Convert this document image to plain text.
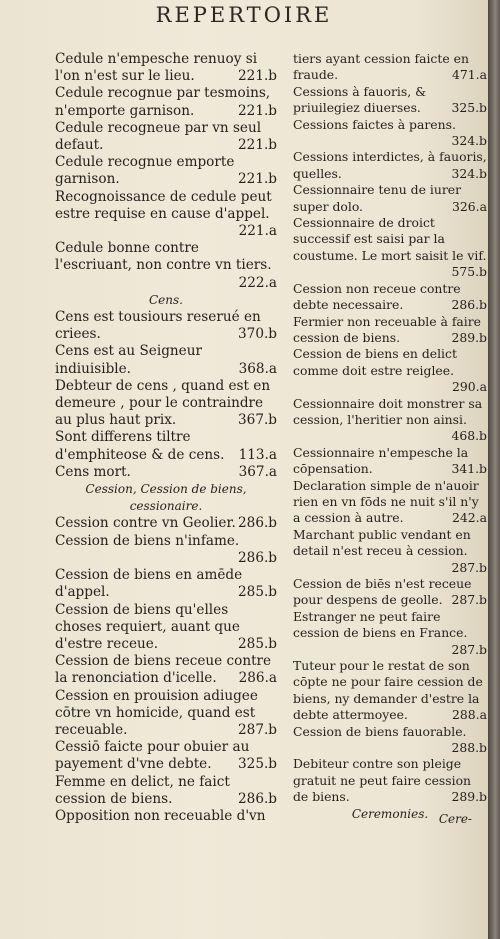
REPERTOIRE
Cedule n'empesche renuoy si l'on n'est sur le lieu.	221.b
Cedule recognue par tesmoins, n'emporte garnison.	221.b
Cedule recogneue par vn seul defaut.	221.b
Cedule recognue emporte garnison.	221.b
Recognoissance de cedule peut estre requise en cause d'appel.
221.a
Cedule bonne contre l'escriuant, non contre vn tiers.
222.a
Cens.
Cens est tousiours reserué en criees.	370.b
Cens est au Seigneur indiuisible.	368.a
Debteur de cens , quand est en demeure , pour le contraindre au plus haut prix.	367.b
Sont differens tiltre d'emphiteose & de cens. 113.a
Cens mort.	367.a
Cession, Cession de biens, cessionaire.
Cession contre vn Geolier. 286.b
Cession de biens n'infame.
286.b
Cession de biens en amēde d'appel.	285.b
Cession de biens qu'elles choses requiert, auant que d'estre receue.	285.b
Cession de biens receue contre la renonciation d'icelle. 286.a
Cession en prouision adiugee cōtre vn homicide, quand est receuable.	287.b
Cessiō faicte pour obuier au payement d'vne debte. 325.b
Femme en delict, ne faict cession de biens.	286.b
Opposition non receuable d'vn
tiers ayant cession faicte en fraude.	471.a
Cessions à fauoris, & priuilegiez diuerses. 325.b
Cessions faictes à parens.
324.b
Cessions interdictes, à fauoris, quelles.	324.b
Cessionnaire tenu de iurer super dolo.	326.a
Cessionnaire de droict successif est saisi par la coustume. Le mort saisit le vif.
575.b
Cession non receue contre debte necessaire.	286.b
Fermier non receuable à faire cession de biens.	289.b
Cession de biens en delict comme doit estre reiglee.
290.a
Cessionnaire doit monstrer sa cession, l'heritier non ainsi.
468.b
Cessionnaire n'empesche la cōpensation.	341.b
Declaration simple de n'auoir rien en vn fōds ne nuit s'il n'y a cession à autre.	242.a
Marchant public vendant en detail n'est receu à cession.
287.b
Cession de biēs n'est receue pour despens de geolle. 287.b
Estranger ne peut faire cession de biens en France.
287.b
Tuteur pour le restat de son cōpte ne pour faire cession de biens, ny demander d'estre la debte attermoyee.	288.a
Cession de biens fauorable.
288.b
Debiteur contre son pleige gratuit ne peut faire cession de biens.	289.b
Ceremonies. Cere-
